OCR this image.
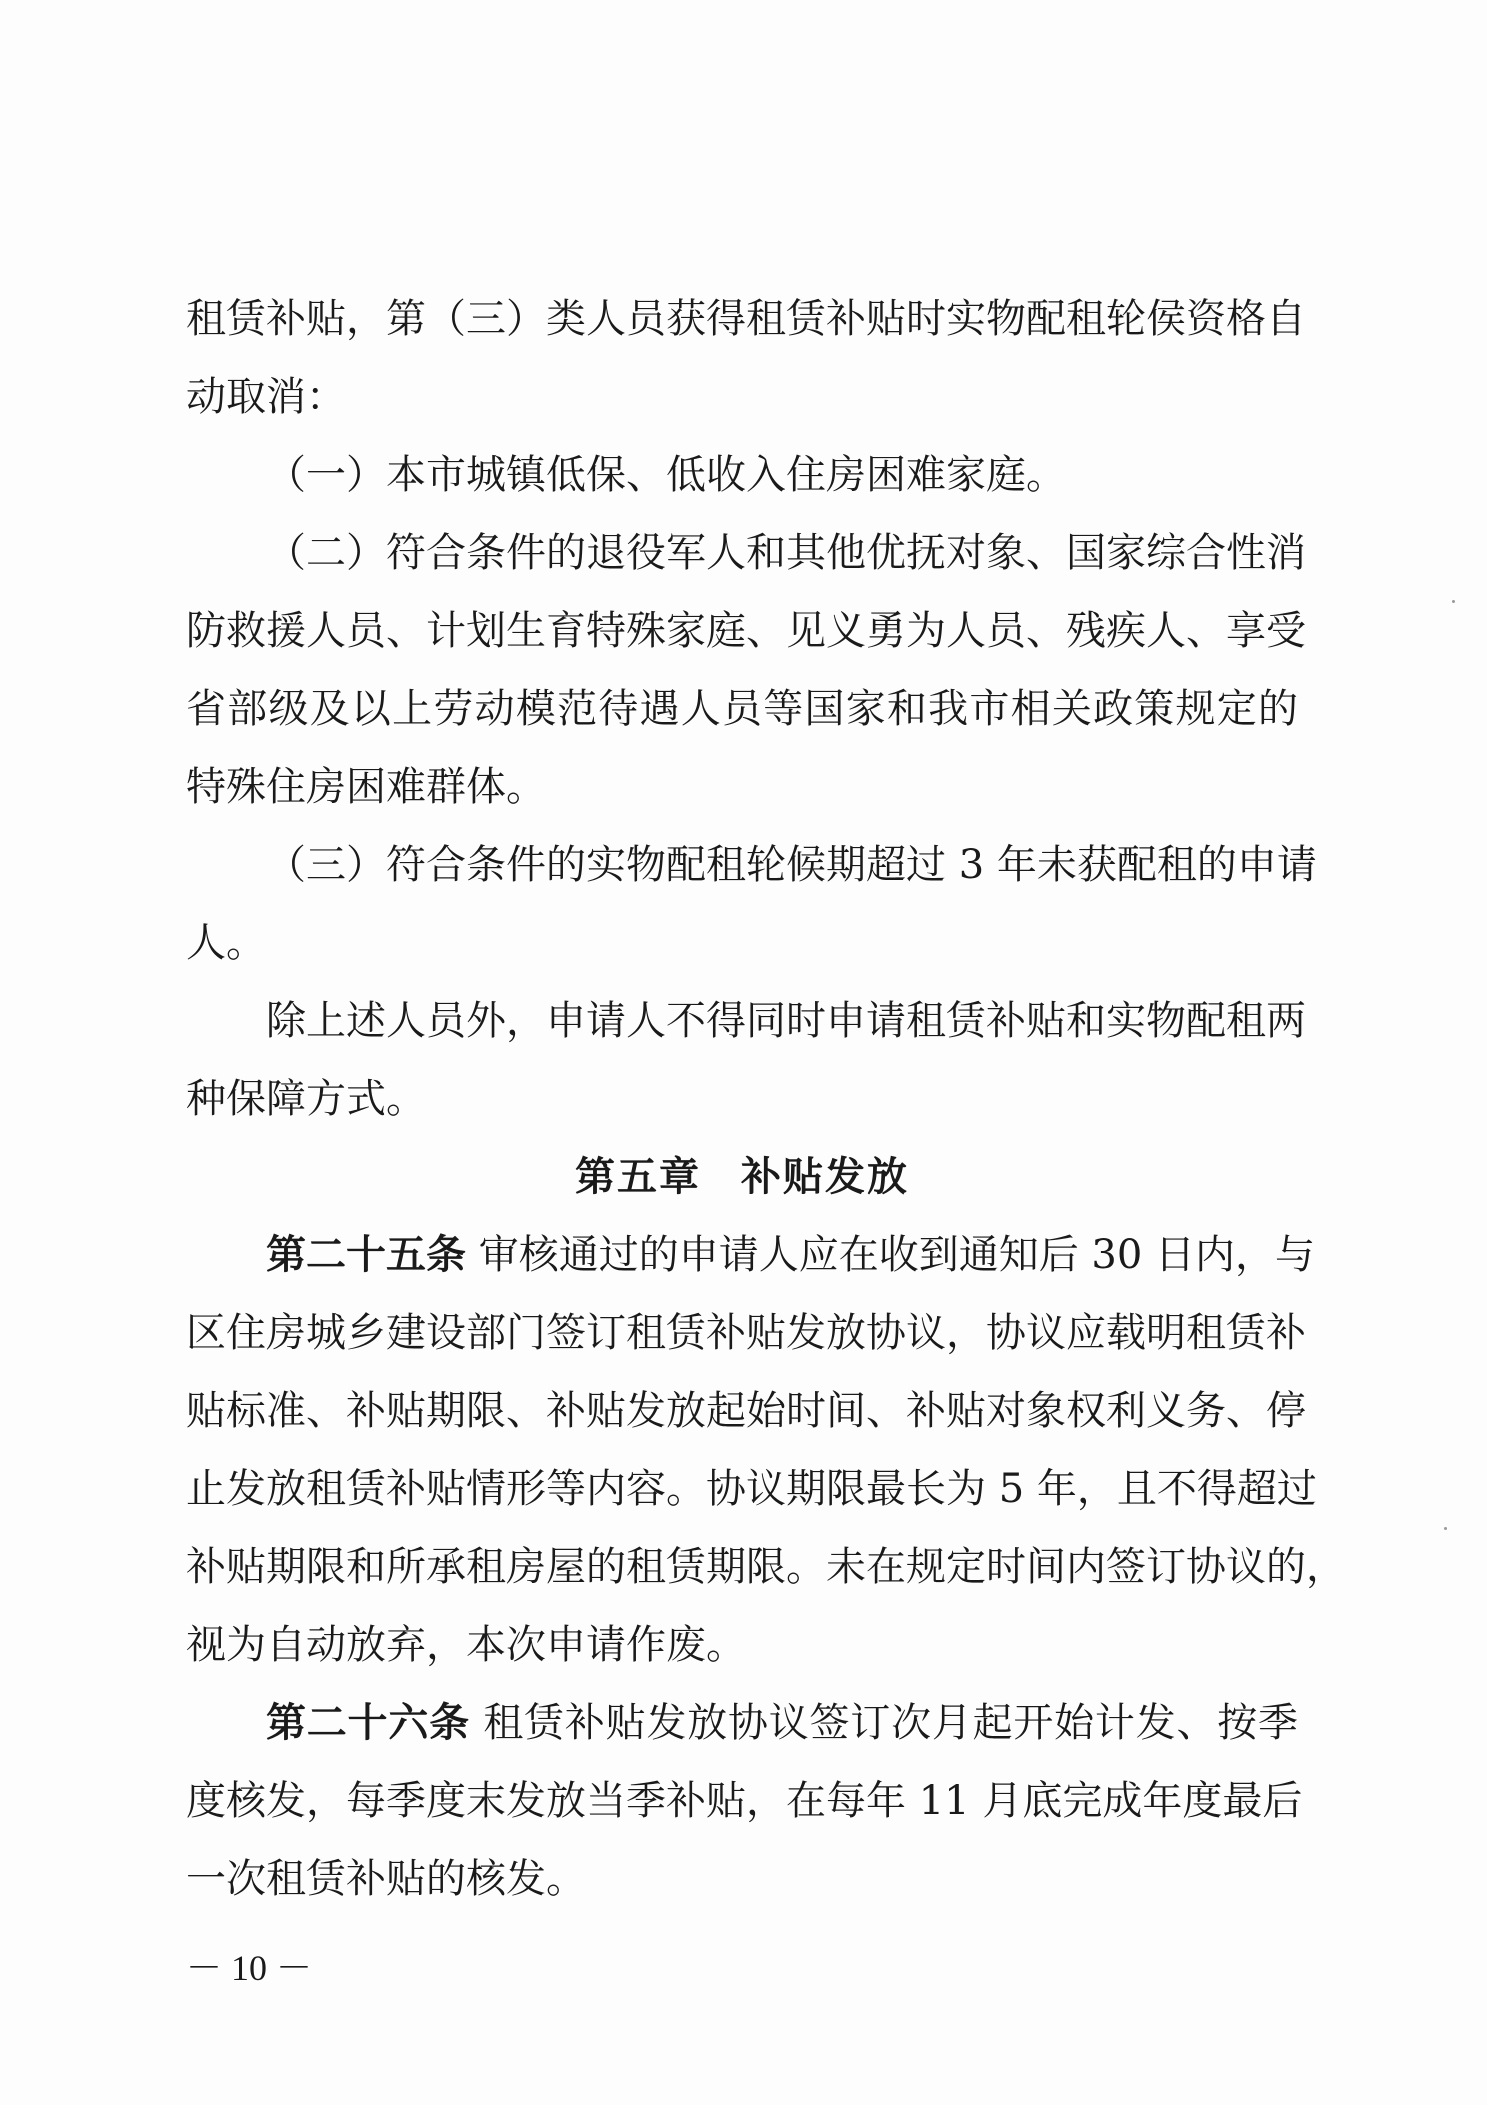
租赁补贴，第（三）类人员获得租赁补贴时实物配租轮侯资格自
动取消：
（一）本市城镇低保、低收入住房困难家庭。
（二）符合条件的退役军人和其他优抚对象、国家综合性消
防救援人员、计划生育特殊家庭、见义勇为人员、残疾人、享受
省部级及以上劳动模范待遇人员等国家和我市相关政策规定的
特殊住房困难群体。
（三）符合条件的实物配租轮候期超过 3 年未获配租的申请
人。
除上述人员外，申请人不得同时申请租赁补贴和实物配租两
种保障方式。
第五章 补贴发放
第二十五条 审核通过的申请人应在收到通知后 30 日内，与
区住房城乡建设部门签订租赁补贴发放协议，协议应载明租赁补
贴标准、补贴期限、补贴发放起始时间、补贴对象权利义务、停
止发放租赁补贴情形等内容。协议期限最长为 5 年，且不得超过
补贴期限和所承租房屋的租赁期限。未在规定时间内签订协议的，
视为自动放弃，本次申请作废。
第二十六条 租赁补贴发放协议签订次月起开始计发、按季
度核发，每季度末发放当季补贴，在每年 11 月底完成年度最后
一次租赁补贴的核发。
－ 10 －
